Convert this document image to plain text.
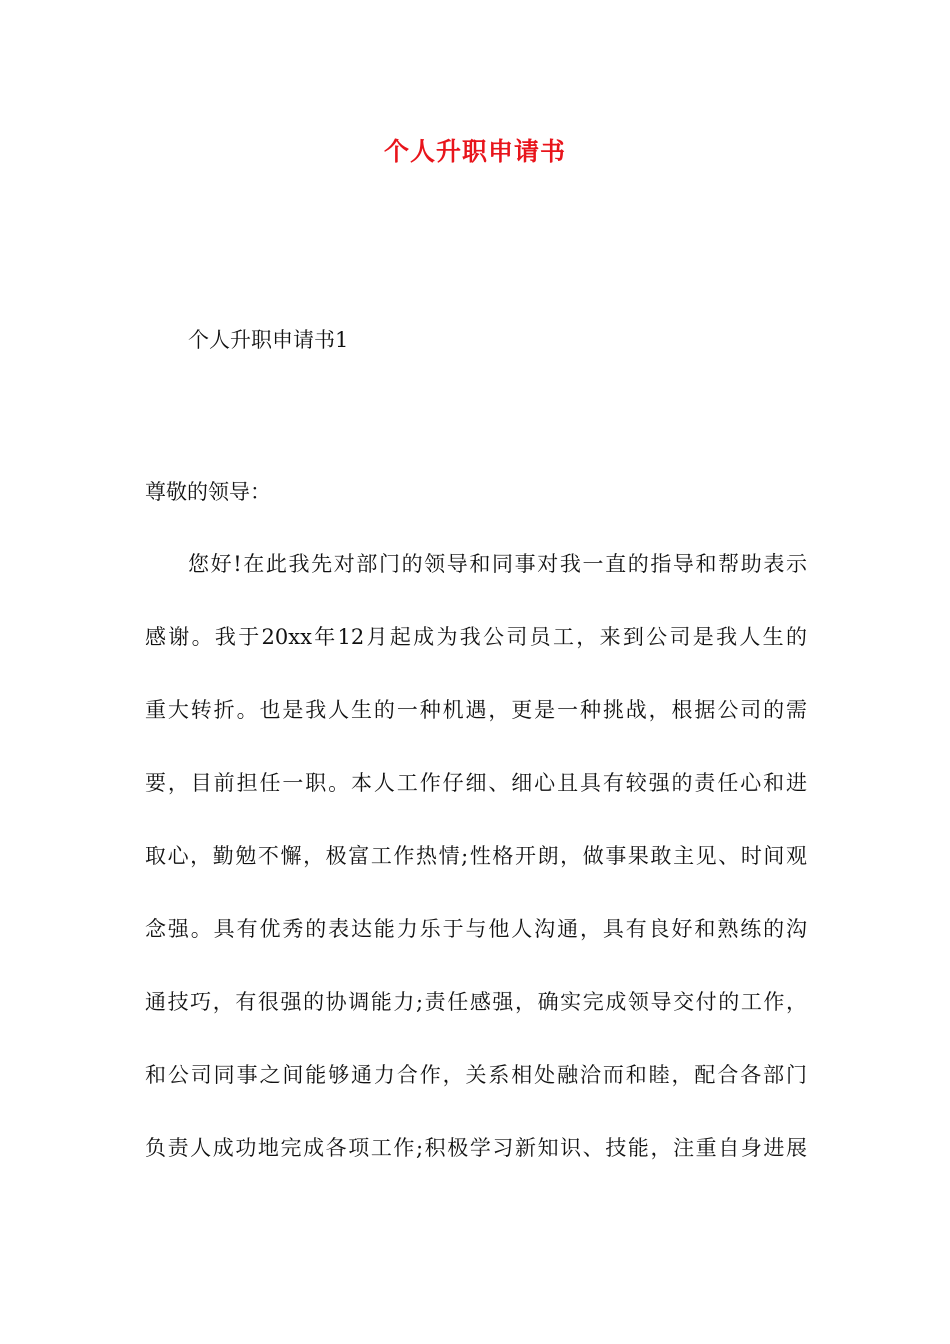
个人升职申请书

个人升职申请书1

尊敬的领导：

您好!在此我先对部门的领导和同事对我一直的指导和帮助表示
感谢。我于20xx年12月起成为我公司员工，来到公司是我人生的
重大转折。也是我人生的一种机遇，更是一种挑战，根据公司的需
要，目前担任一职。本人工作仔细、细心且具有较强的责任心和进
取心，勤勉不懈，极富工作热情;性格开朗，做事果敢主见、时间观
念强。具有优秀的表达能力乐于与他人沟通，具有良好和熟练的沟
通技巧，有很强的协调能力;责任感强，确实完成领导交付的工作，
和公司同事之间能够通力合作，关系相处融洽而和睦，配合各部门
负责人成功地完成各项工作;积极学习新知识、技能，注重自身进展
